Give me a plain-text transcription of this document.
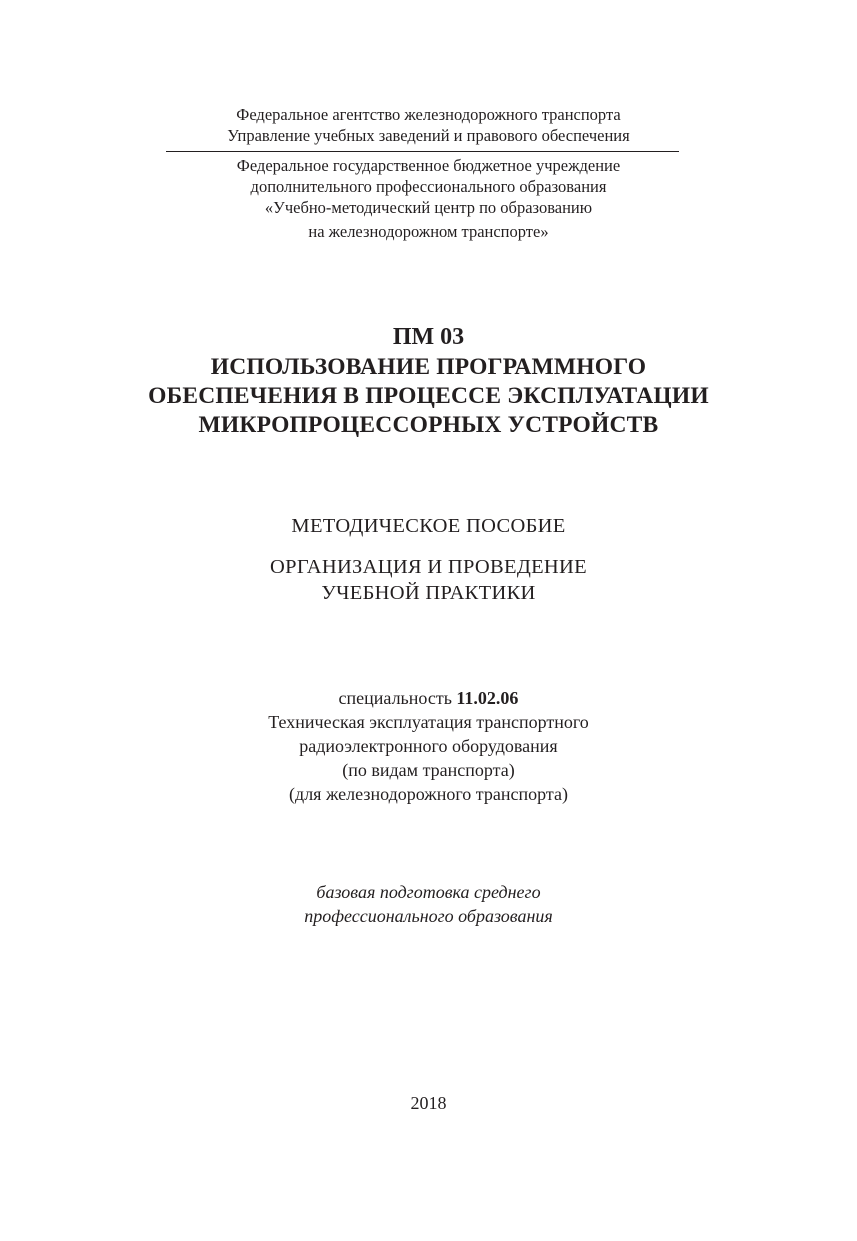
Федеральное агентство железнодорожного транспорта
Управление учебных заведений и правового обеспечения
Федеральное государственное бюджетное учреждение
дополнительного профессионального образования
«Учебно-методический центр по образованию
на железнодорожном транспорте»
ПМ 03
ИСПОЛЬЗОВАНИЕ ПРОГРАММНОГО
ОБЕСПЕЧЕНИЯ В ПРОЦЕССЕ ЭКСПЛУАТАЦИИ
МИКРОПРОЦЕССОРНЫХ УСТРОЙСТВ
МЕТОДИЧЕСКОЕ ПОСОБИЕ
ОРГАНИЗАЦИЯ И ПРОВЕДЕНИЕ
УЧЕБНОЙ ПРАКТИКИ
специальность 11.02.06
Техническая эксплуатация транспортного
радиоэлектронного оборудования
(по видам транспорта)
(для железнодорожного транспорта)
базовая подготовка среднего
профессионального образования
2018
